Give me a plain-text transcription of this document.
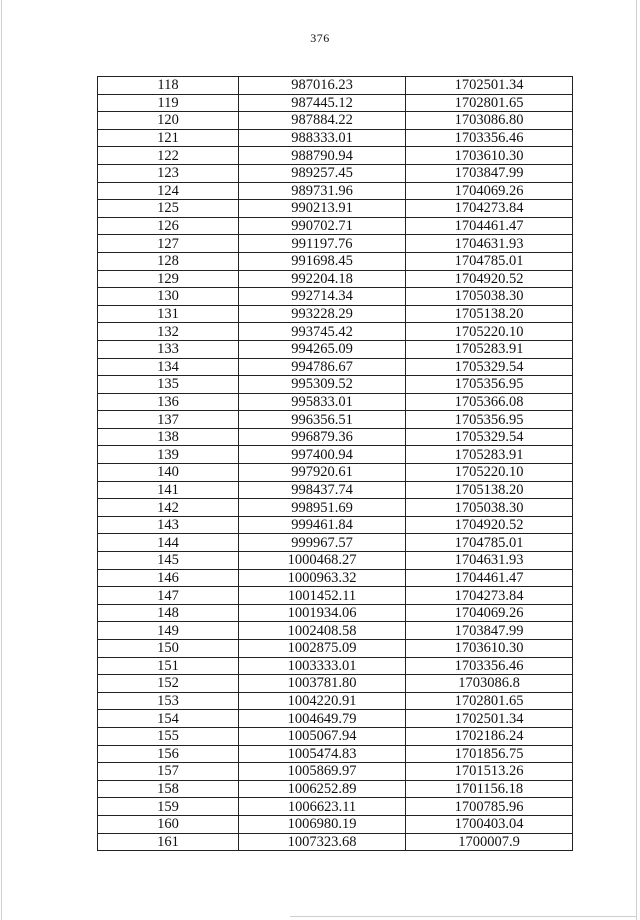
376
118	987016.23	1702501.34
119	987445.12	1702801.65
120	987884.22	1703086.80
121	988333.01	1703356.46
122	988790.94	1703610.30
123	989257.45	1703847.99
124	989731.96	1704069.26
125	990213.91	1704273.84
126	990702.71	1704461.47
127	991197.76	1704631.93
128	991698.45	1704785.01
129	992204.18	1704920.52
130	992714.34	1705038.30
131	993228.29	1705138.20
132	993745.42	1705220.10
133	994265.09	1705283.91
134	994786.67	1705329.54
135	995309.52	1705356.95
136	995833.01	1705366.08
137	996356.51	1705356.95
138	996879.36	1705329.54
139	997400.94	1705283.91
140	997920.61	1705220.10
141	998437.74	1705138.20
142	998951.69	1705038.30
143	999461.84	1704920.52
144	999967.57	1704785.01
145	1000468.27	1704631.93
146	1000963.32	1704461.47
147	1001452.11	1704273.84
148	1001934.06	1704069.26
149	1002408.58	1703847.99
150	1002875.09	1703610.30
151	1003333.01	1703356.46
152	1003781.80	1703086.8
153	1004220.91	1702801.65
154	1004649.79	1702501.34
155	1005067.94	1702186.24
156	1005474.83	1701856.75
157	1005869.97	1701513.26
158	1006252.89	1701156.18
159	1006623.11	1700785.96
160	1006980.19	1700403.04
161	1007323.68	1700007.9
